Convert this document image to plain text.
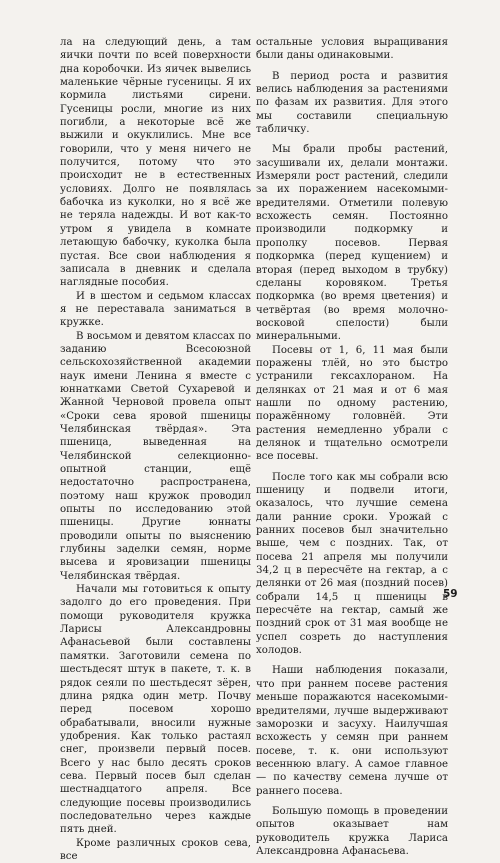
ла на следующий день, а там яички почти по всей поверхности дна коробочки. Из яичек вывелись маленькие чёрные гусеницы. Я их кормила листьями сирени. Гусеницы росли, многие из них погибли, а некоторые всё же выжили и окуклились. Мне все говорили, что у меня ничего не получится, потому что это происходит не в естественных условиях. Долго не появлялась бабочка из куколки, но я всё же не теряла надежды. И вот как-то утром я увидела в комнате летающую бабочку, куколка была пустая. Все свои наблюдения я записала в дневник и сделала наглядные пособия.

И в шестом и седьмом классах я не переставала заниматься в кружке.

В восьмом и девятом классах по заданию Всесоюзной сельскохозяйственной академии наук имени Ленина я вместе с юннатками Светой Сухаревой и Жанной Черновой провела опыт «Сроки сева яровой пшеницы Челябинская твёрдая». Эта пшеница, выведенная на Челябинской селекционно-опытной станции, ещё недостаточно распространена, поэтому наш кружок проводил опыты по исследованию этой пшеницы. Другие юннаты проводили опыты по выяснению глубины заделки семян, норме высева и яровизации пшеницы Челябинская твёрдая.

Начали мы готовиться к опыту задолго до его проведения. При помощи руководителя кружка Ларисы Александровны Афанасьевой были составлены памятки. Заготовили семена по шестьдесят штук в пакете, т. к. в рядок сеяли по шестьдесят зёрен, длина рядка один метр. Почву перед посевом хорошо обрабатывали, вносили нужные удобрения. Как только растаял снег, произвели первый посев. Всего у нас было десять сроков сева. Первый посев был сделан шестнадцатого апреля. Все следующие посевы производились последовательно через каждые пять дней.

Кроме различных сроков сева, все

остальные условия выращивания были даны одинаковыми.

В период роста и развития велись наблюдения за растениями по фазам их развития. Для этого мы составили специальную табличку.

Мы брали пробы растений, засушивали их, делали монтажи. Измеряли рост растений, следили за их поражением насекомыми-вредителями. Отметили полевую всхожесть семян. Постоянно производили подкормку и прополку посевов. Первая подкормка (перед кущением) и вторая (перед выходом в трубку) сделаны коровяком. Третья подкормка (во время цветения) и четвёртая (во время молочно-восковой спелости) были минеральными.

Посевы от 1, 6, 11 мая были поражены тлёй, но это быстро устранили гексахлораном. На делянках от 21 мая и от 6 мая нашли по одному растению, поражённому головнёй. Эти растения немедленно убрали с делянок и тщательно осмотрели все посевы.

После того как мы собрали всю пшеницу и подвели итоги, оказалось, что лучшие семена дали ранние сроки. Урожай с ранних посевов был значительно выше, чем с поздних. Так, от посева 21 апреля мы получили 34,2 ц в пересчёте на гектар, а с делянки от 26 мая (поздний посев) собрали 14,5 ц пшеницы в пересчёте на гектар, самый же поздний срок от 31 мая вообще не успел созреть до наступления холодов.

Наши наблюдения показали, что при раннем посеве растения меньше поражаются насекомыми-вредителями, лучше выдерживают заморозки и засуху. Наилучшая всхожесть у семян при раннем посеве, т. к. они используют весеннюю влагу. А самое главное — по качеству семена лучше от раннего посева.

Большую помощь в проведении опытов оказывает нам руководитель кружка Лариса Александровна Афанасьева.

59
